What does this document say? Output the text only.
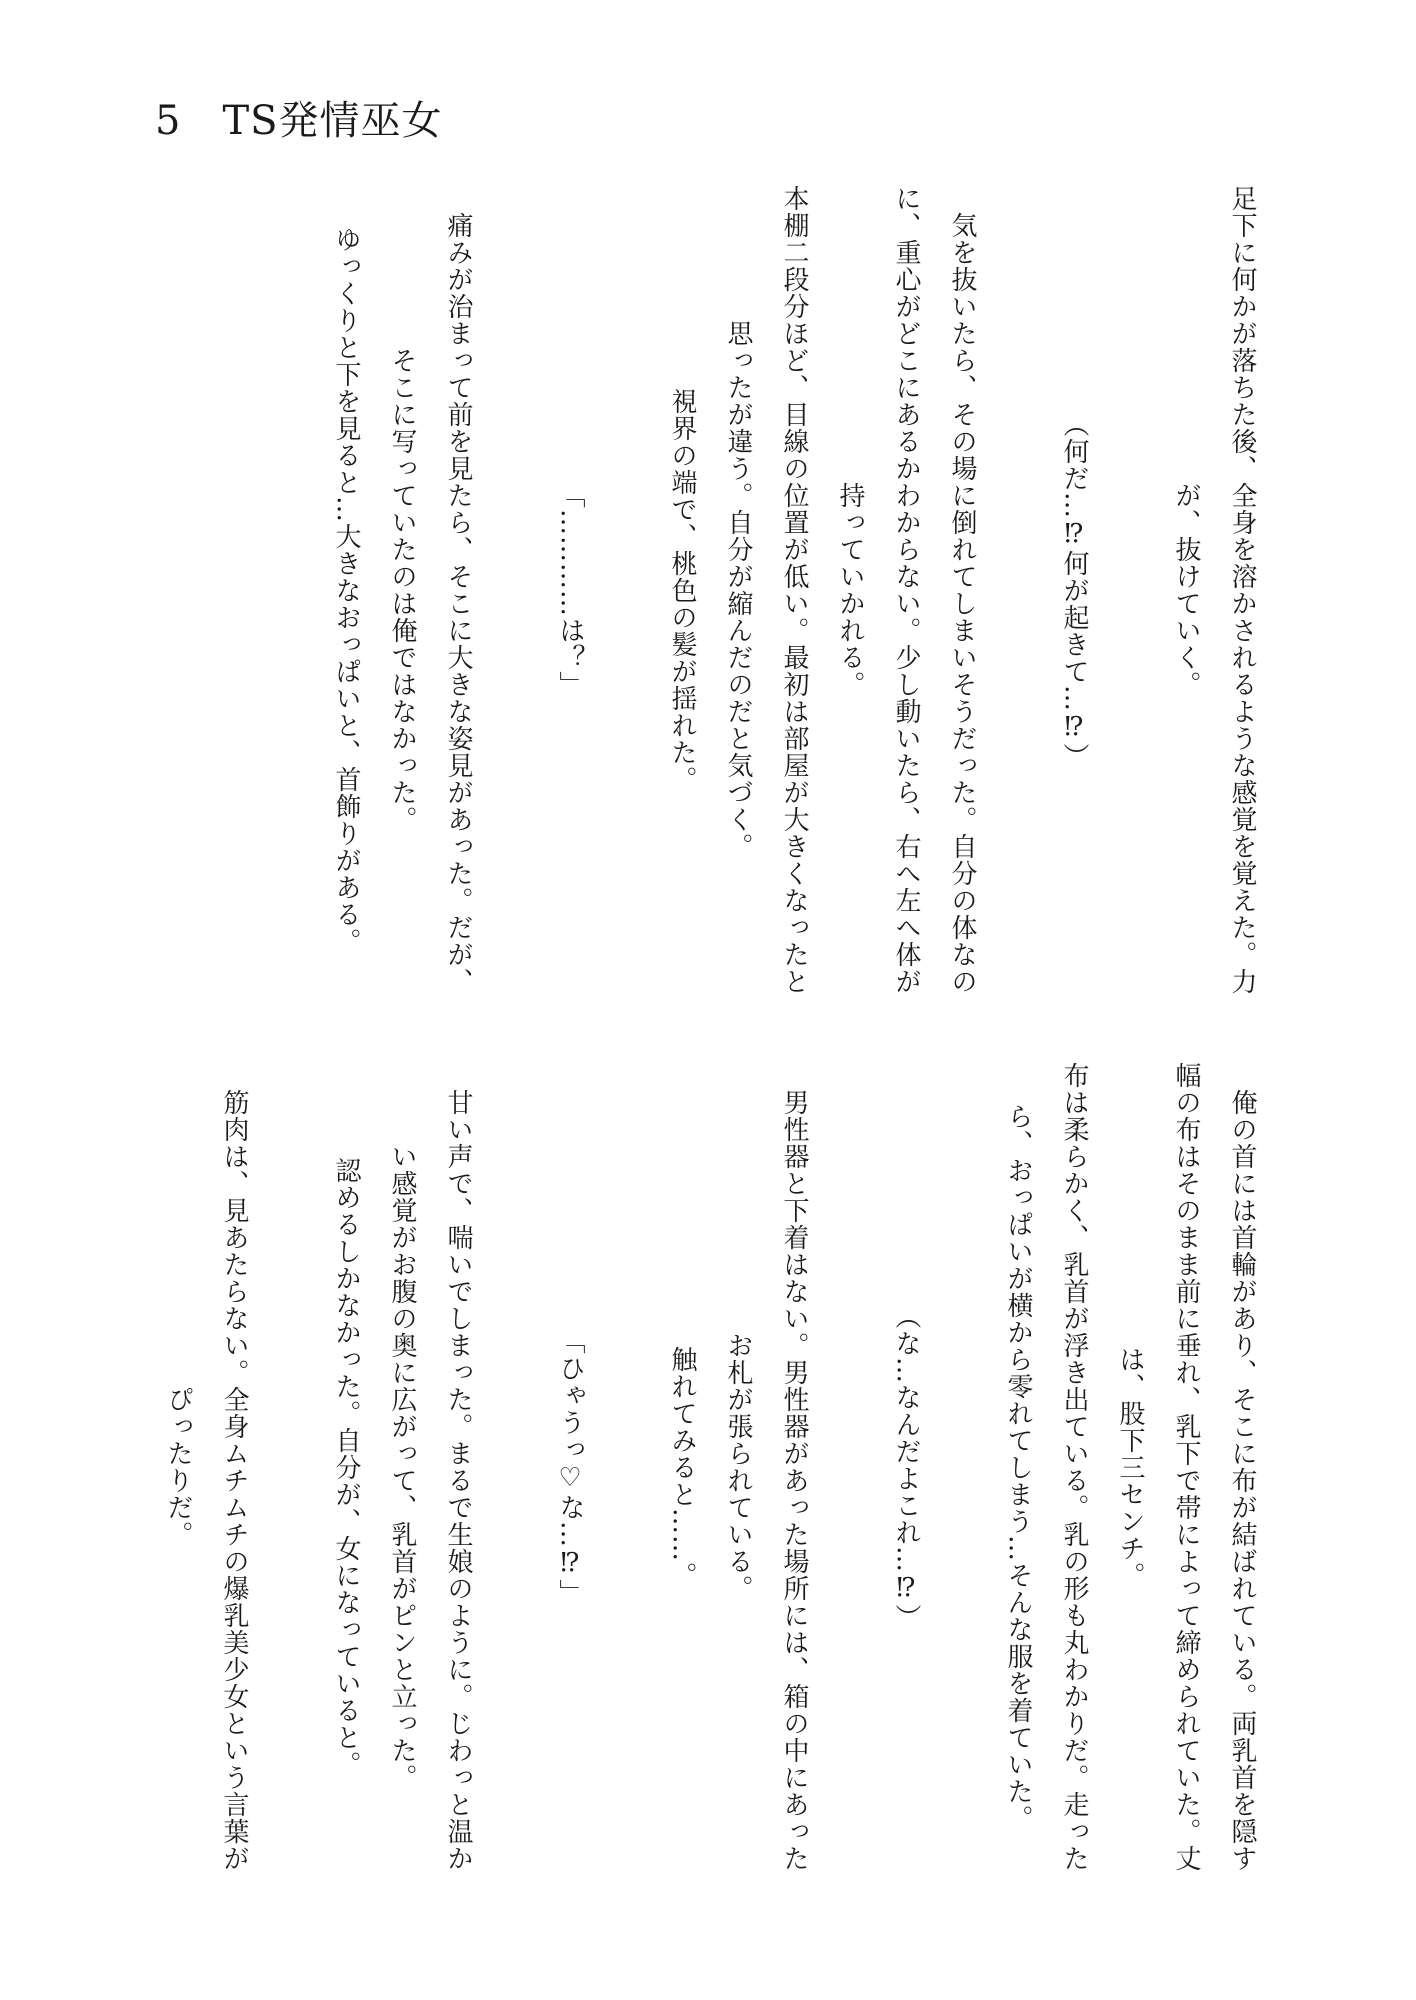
5　TS発情巫女
足下に何かが落ちた後、全身を溶かされるような感覚を覚えた。力
が、抜けていく。

（何だ…⁉何が起きて…⁉）

　気を抜いたら、その場に倒れてしまいそうだった。自分の体なの
に、重心がどこにあるかわからない。少し動いたら、右へ左へ体が
持っていかれる。
本棚二段分ほど、目線の位置が低い。最初は部屋が大きくなったと
思ったが違う。自分が縮んだのだと気づく。
視界の端で、桃色の髪が揺れた。

「…………は？」

　痛みが治まって前を見たら、そこに大きな姿見があった。だが、
そこに写っていたのは俺ではなかった。
ゆっくりと下を見ると…大きなおっぱいと、首飾りがある。
　俺の首には首輪があり、そこに布が結ばれている。両乳首を隠す
幅の布はそのまま前に垂れ、乳下で帯によって締められていた。丈
は、股下三センチ。
布は柔らかく、乳首が浮き出ている。乳の形も丸わかりだ。走った
ら、おっぱいが横から零れてしまう…そんな服を着ていた。

（な…なんだよこれ…⁉）

　男性器と下着はない。男性器があった場所には、箱の中にあった
お札が張られている。
触れてみると……。

「ひゃうっ♡な…⁉」

　甘い声で、喘いでしまった。まるで生娘のように。じわっと温か
い感覚がお腹の奥に広がって、乳首がピンと立った。
認めるしかなかった。自分が、女になっていると。

　筋肉は、見あたらない。全身ムチムチの爆乳美少女という言葉が
ぴったりだ。
